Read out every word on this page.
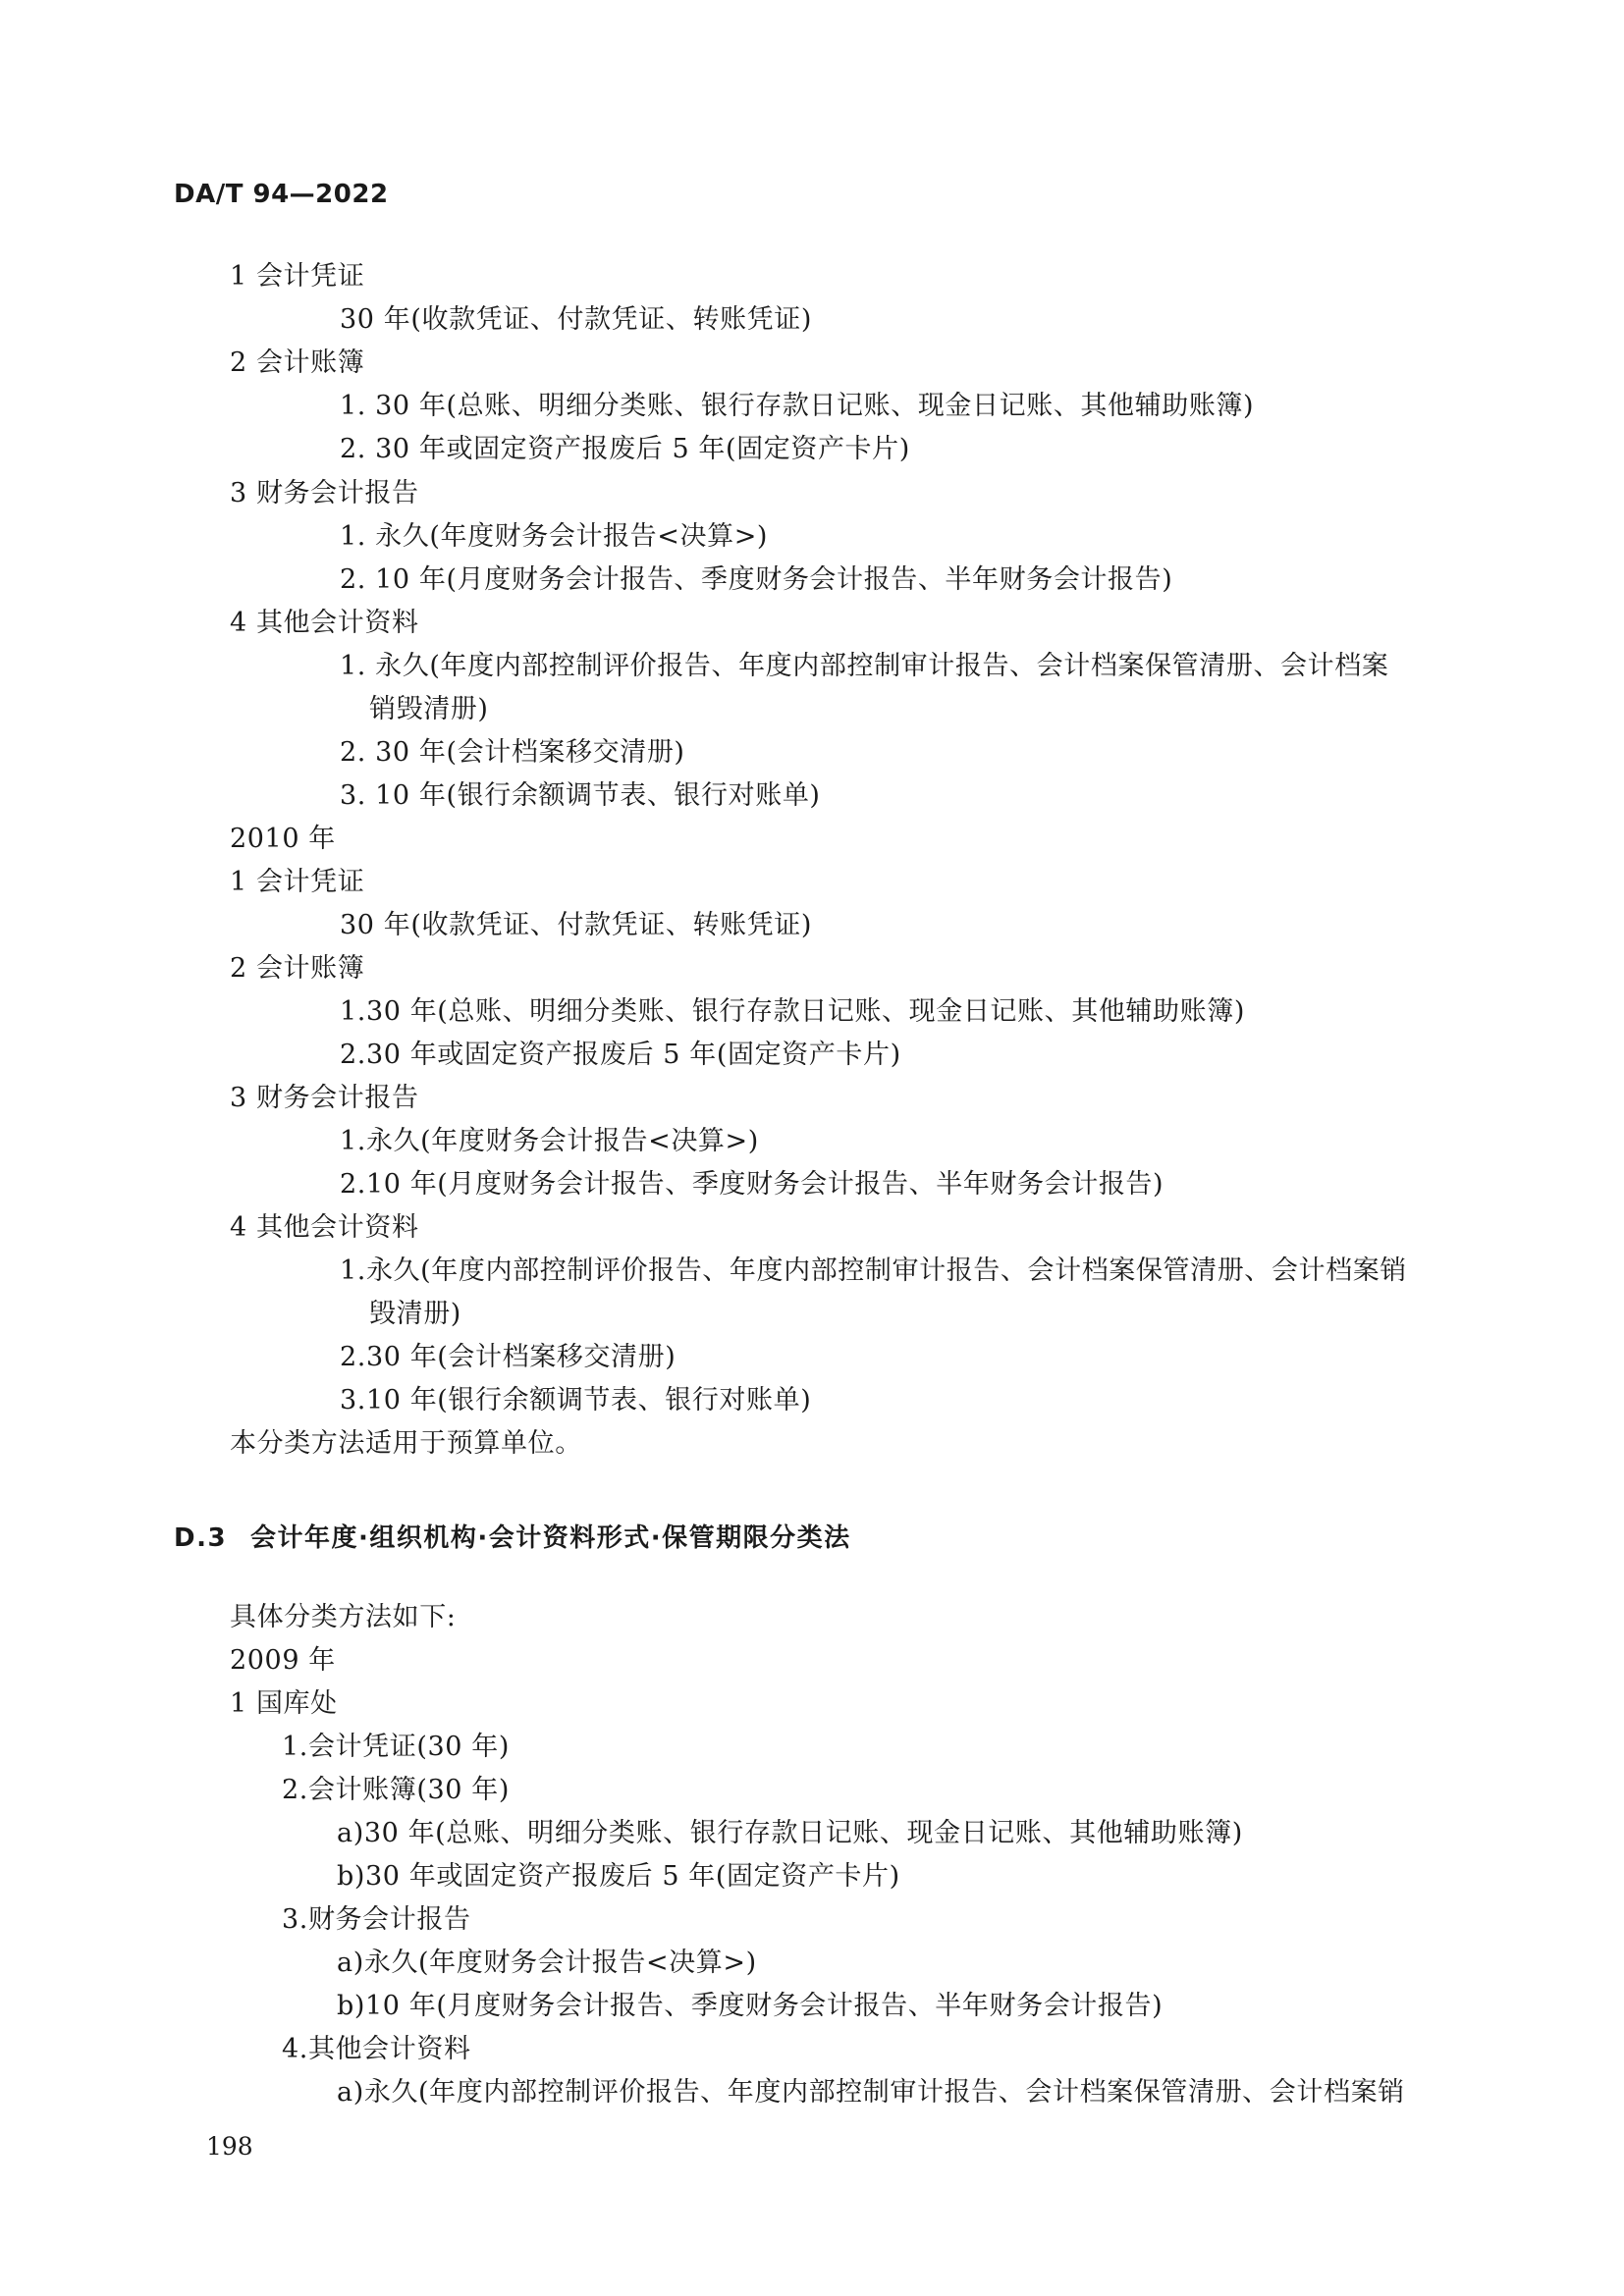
DA/T 94—2022
1 会计凭证
30 年(收款凭证、付款凭证、转账凭证)
2 会计账簿
1. 30 年(总账、明细分类账、银行存款日记账、现金日记账、其他辅助账簿)
2. 30 年或固定资产报废后 5 年(固定资产卡片)
3 财务会计报告
1. 永久(年度财务会计报告<决算>)
2. 10 年(月度财务会计报告、季度财务会计报告、半年财务会计报告)
4 其他会计资料
1. 永久(年度内部控制评价报告、年度内部控制审计报告、会计档案保管清册、会计档案
销毁清册)
2. 30 年(会计档案移交清册)
3. 10 年(银行余额调节表、银行对账单)
2010 年
1 会计凭证
30 年(收款凭证、付款凭证、转账凭证)
2 会计账簿
1.30 年(总账、明细分类账、银行存款日记账、现金日记账、其他辅助账簿)
2.30 年或固定资产报废后 5 年(固定资产卡片)
3 财务会计报告
1.永久(年度财务会计报告<决算>)
2.10 年(月度财务会计报告、季度财务会计报告、半年财务会计报告)
4 其他会计资料
1.永久(年度内部控制评价报告、年度内部控制审计报告、会计档案保管清册、会计档案销
毁清册)
2.30 年(会计档案移交清册)
3.10 年(银行余额调节表、银行对账单)
本分类方法适用于预算单位。
D.3 会计年度·组织机构·会计资料形式·保管期限分类法
具体分类方法如下:
2009 年
1 国库处
1.会计凭证(30 年)
2.会计账簿(30 年)
a)30 年(总账、明细分类账、银行存款日记账、现金日记账、其他辅助账簿)
b)30 年或固定资产报废后 5 年(固定资产卡片)
3.财务会计报告
a)永久(年度财务会计报告<决算>)
b)10 年(月度财务会计报告、季度财务会计报告、半年财务会计报告)
4.其他会计资料
a)永久(年度内部控制评价报告、年度内部控制审计报告、会计档案保管清册、会计档案销
198
